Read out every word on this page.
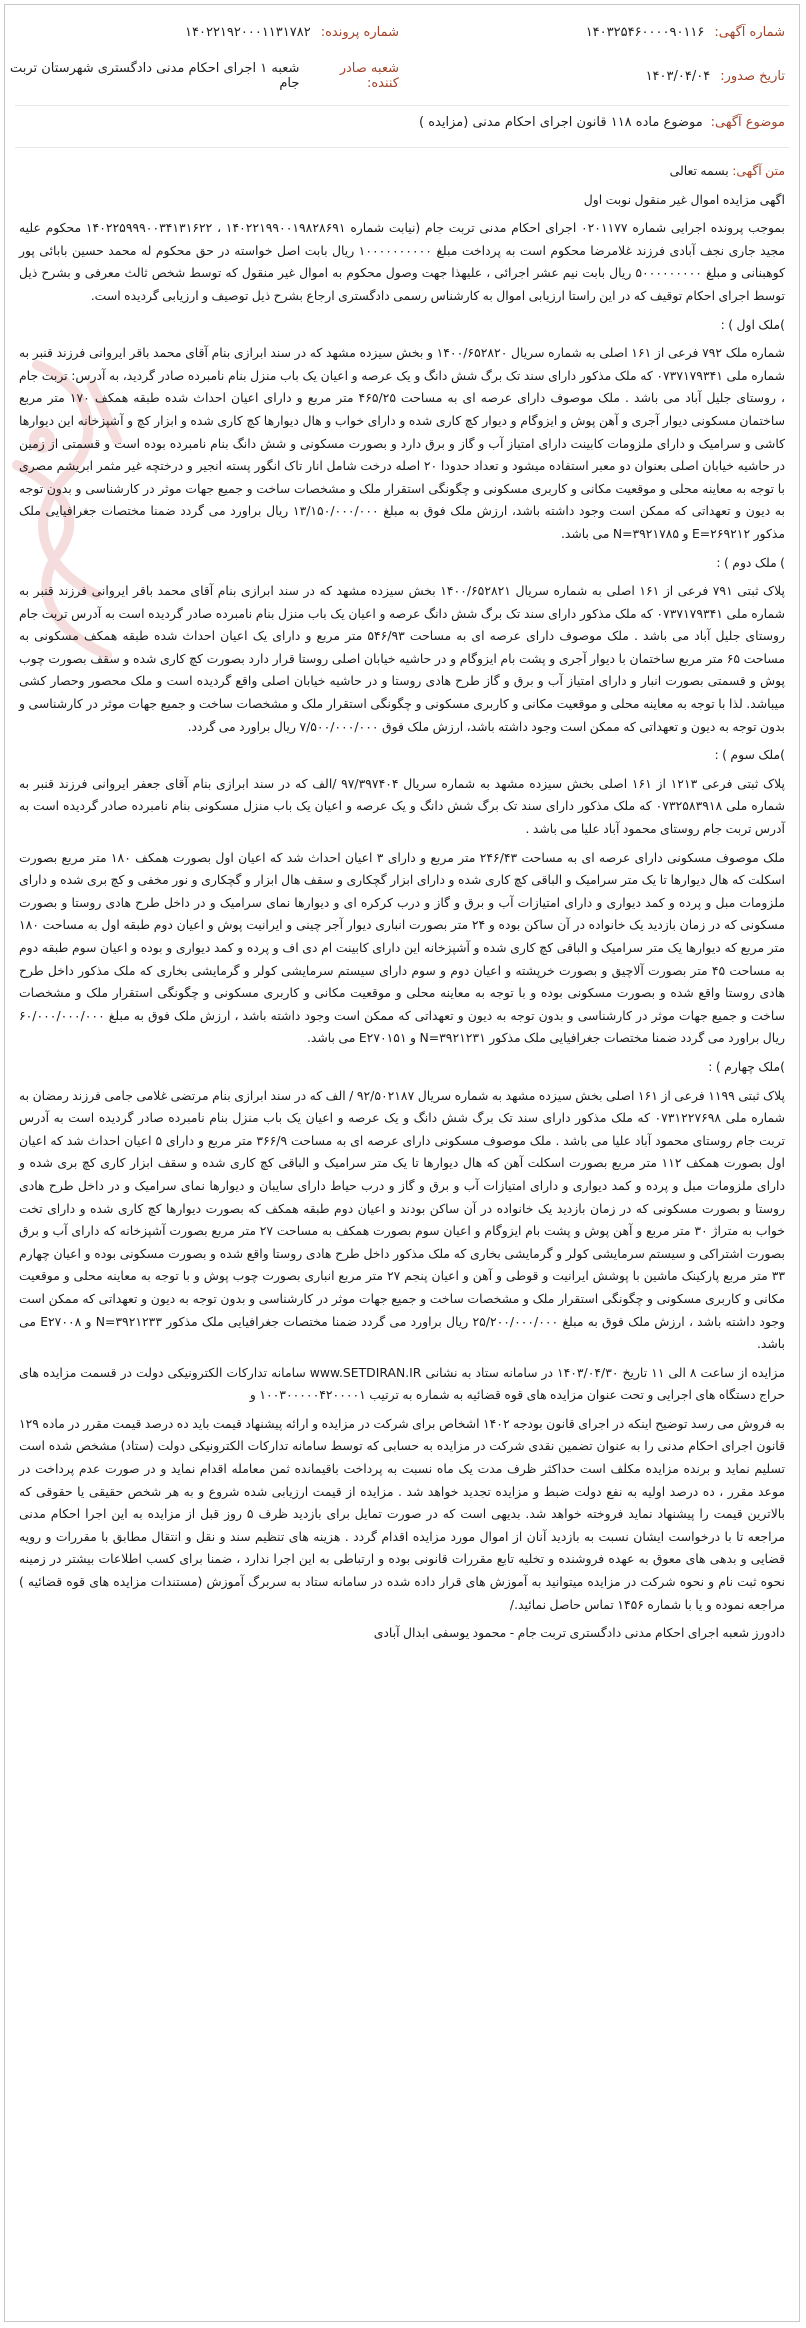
شماره آگهی:
۱۴۰۳۲۵۴۶۰۰۰۰۹۰۱۱۶
شماره پرونده:
۱۴۰۲۲۱۹۲۰۰۰۱۱۳۱۷۸۲
تاریخ صدور:
۱۴۰۳/۰۴/۰۴
شعبه صادر کنندە:
شعبه ۱ اجرای احکام مدنی دادگستری شهرستان تربت جام
موضوع آگهی:
موضوع ماده ۱۱۸ قانون اجرای احکام مدنی (مزایده )
متن آگهی: بسمه تعالی

اگهی مزایده اموال غیر منقول نوبت اول

بموجب پرونده اجرایی شماره ۰۲۰۱۱۷۷ اجرای احکام مدنی تربت جام (نیابت شماره ۱۴۰۲۲۱۹۹۰۰۱۹۸۲۸۶۹۱ ، ۱۴۰۲۲۵۹۹۹۰۰۳۴۱۳۱۶۲۲ محکوم علیه مجید جاری نجف آبادی فرزند غلامرضا محکوم است به پرداخت مبلغ ۱۰۰۰۰۰۰۰۰۰۰ ریال بابت اصل خواسته در حق محکوم له محمد حسین بابائی پور کوهبنانی و مبلغ ۵۰۰۰۰۰۰۰۰۰ ریال بابت نیم عشر اجرائی ، علیهذا جهت وصول محکوم به اموال غیر منقول که توسط شخص ثالث معرفی و بشرح ذیل توسط اجرای احکام توقیف که در این راستا ارزیابی اموال به کارشناس رسمی دادگستری ارجاع بشرح ذیل توصیف و ارزیابی گردیده است.

)ملک اول ) :

شماره ملک ۷۹۲ فرعی از ۱۶۱ اصلی به شماره سریال ۱۴۰۰/۶۵۲۸۲۰ و بخش سیزده مشهد که در سند ابرازی بنام آقای محمد باقر ایروانی فرزند قنبر به شماره ملی ۰۷۳۷۱۷۹۳۴۱ که ملک مذکور دارای سند تک برگ شش دانگ و یک عرصه و اعیان یک باب منزل بنام نامبرده صادر گردید، به آدرس: تربت جام ، روستای جلیل آباد می باشد . ملک موصوف دارای عرصه ای به مساحت ۴۶۵/۲۵ متر مربع و دارای اعیان احداث شده طبقه همکف ۱۷۰ متر مربع ساختمان مسکونی دیوار آجری و آهن پوش و ایزوگام و دیوار کچ کاری شده و دارای خواب و هال دیوارها کچ کاری شده و ابزار کچ و آشپزخانه این دیوارها کاشی و سرامیک و دارای ملزومات کابینت دارای امتیاز آب و گاز و برق دارد و بصورت مسکونی و شش دانگ بنام نامبرده بوده است و قسمتی از زمین در حاشیه خیابان اصلی بعنوان دو معبر استفاده میشود و تعداد حدودا ۲۰ اصله درخت شامل انار تاک انگور پسته انجیر و درختچه غیر مثمر ابریشم مصری با توجه به معاینه محلی و موقعیت مکانی و کاربری مسکونی و چگونگی استقرار ملک و مشخصات ساخت و جمیع جهات موثر در کارشناسی و بدون توجه به دیون و تعهداتی که ممکن است وجود داشته باشد، ارزش ملک فوق به مبلغ ۱۳/۱۵۰/۰۰۰/۰۰۰ ریال براورد می گردد ضمنا مختصات جغرافیایی ملک مذکور E=۲۶۹۲۱۲ و N=۳۹۲۱۷۸۵ می باشد.

) ملک دوم ) :

پلاک ثبتی ۷۹۱ فرعی از ۱۶۱ اصلی به شماره سریال ۱۴۰۰/۶۵۲۸۲۱ بخش سیزده مشهد که در سند ابرازی بنام آقای محمد باقر ایروانی فرزند قنبر به شماره ملی ۰۷۳۷۱۷۹۳۴۱ که ملک مذکور دارای سند تک برگ شش دانگ عرصه و اعیان یک باب منزل بنام نامبرده صادر گردیده است به آدرس تربت جام روستای جلیل آباد می باشد . ملک موصوف دارای عرصه ای به مساحت ۵۴۶/۹۳ متر مربع و دارای یک اعیان احداث شده طبقه همکف مسکونی به مساحت ۶۵ متر مربع ساختمان با دیوار آجری و پشت بام ایزوگام و در حاشیه خیابان اصلی روستا قرار دارد بصورت کچ کاری شده و سقف بصورت چوب پوش و قسمتی بصورت انبار و دارای امتیاز آب و برق و گاز طرح هادی روستا و در حاشیه خیابان اصلی واقع گردیده است و ملک محصور وحصار کشی میباشد. لذا با توجه به معاینه محلی و موقعیت مکانی و کاربری مسکونی و چگونگی استقرار ملک و مشخصات ساخت و جمیع جهات موثر در کارشناسی و بدون توجه به دیون و تعهداتی که ممکن است وجود داشته باشد، ارزش ملک فوق ۷/۵۰۰/۰۰۰/۰۰۰ ریال براورد می گردد.

)ملک سوم ) :

پلاک ثبتی فرعی ۱۲۱۳ از ۱۶۱ اصلی بخش سیزده مشهد به شماره سریال ۹۷/۳۹۷۴۰۴ /الف که در سند ابرازی بنام آقای جعفر ایروانی فرزند قنبر به شماره ملی ۰۷۳۲۵۸۳۹۱۸ که ملک مذکور دارای سند تک برگ شش دانگ و یک عرصه و اعیان یک باب منزل مسکونی بنام نامبرده صادر گردیده است به آدرس تربت جام روستای محمود آباد علیا می باشد .

ملک موصوف مسکونی دارای عرصه ای به مساحت ۲۴۶/۴۳ متر مربع و دارای ۳ اعیان احداث شد که اعیان اول بصورت همکف ۱۸۰ متر مربع بصورت اسکلت که هال دیوارها تا یک متر سرامیک و الباقی کچ کاری شده و دارای ابزار گچکاری و سقف هال ابزار و گچکاری و نور مخفی و کچ بری شده و دارای ملزومات مبل و پرده و کمد دیواری و دارای امتیازات آب و برق و گاز و درب کرکره ای و دیوارها نمای سرامیک و در داخل طرح هادی روستا و بصورت مسکونی که در زمان بازدید یک خانواده در آن ساکن بوده و ۲۴ متر بصورت انباری دیوار آجر چینی و ایرانیت پوش و اعیان دوم طبقه اول به مساحت ۱۸۰ متر مربع که دیوارها یک متر سرامیک و الباقی کچ کاری شده و آشپزخانه این دارای کابینت ام دی اف و پرده و کمد دیواری و بوده و اعیان سوم طبقه دوم به مساحت ۴۵ متر بصورت آلاچیق و بصورت خرپشته و اعیان دوم و سوم دارای سیستم سرمایشی کولر و گرمایشی بخاری که ملک مذکور داخل طرح هادی روستا واقع شده و بصورت مسکونی بوده و با توجه به معاینه محلی و موقعیت مکانی و کاربری مسکونی و چگونگی استقرار ملک و مشخصات ساخت و جمیع جهات موثر در کارشناسی و بدون توجه به دیون و تعهداتی که ممکن است وجود داشته باشد ، ارزش ملک فوق به مبلغ ۶۰/۰۰۰/۰۰۰/۰۰۰ ریال براورد می گردد ضمنا مختصات جغرافیایی ملک مذکور ۳۹۲۱۲۳۱=N و E۲۷۰۱۵۱ می باشد.

)ملک چهارم ) :

پلاک ثبتی ۱۱۹۹ فرعی از ۱۶۱ اصلی بخش سیزده مشهد به شماره سریال ۹۲/۵۰۲۱۸۷ / الف که در سند ابرازی بنام مرتضی غلامی جامی فرزند رمضان به شماره ملی ۰۷۳۱۲۲۷۶۹۸ که ملک مذکور دارای سند تک برگ شش دانگ و یک عرصه و اعیان یک باب منزل بنام نامبرده صادر گردیده است به آدرس تربت جام روستای محمود آباد علیا می باشد . ملک موصوف مسکونی دارای عرصه ای به مساحت ۳۶۶/۹ متر مربع و دارای ۵ اعیان احداث شد که اعیان اول بصورت همکف ۱۱۲ متر مربع بصورت اسکلت آهن که هال دیوارها تا یک متر سرامیک و الباقی کچ کاری شده و سقف ابزار کاری کچ بری شده و دارای ملزومات مبل و پرده و کمد دیواری و دارای امتیازات آب و برق و گاز و درب حیاط دارای سایبان و دیوارها نمای سرامیک و در داخل طرح هادی روستا و بصورت مسکونی که در زمان بازدید یک خانواده در آن ساکن بودند و اعیان دوم طبقه همکف که بصورت دیوارها کچ کاری شده و دارای تخت خواب به متراژ ۳۰ متر مربع و آهن پوش و پشت بام ایزوگام و اعیان سوم بصورت همکف به مساحت ۲۷ متر مربع بصورت آشپزخانه که دارای آب و برق بصورت اشتراکی و سیستم سرمایشی کولر و گرمایشی بخاری که ملک مذکور داخل طرح هادی روستا واقع شده و بصورت مسکونی بوده و اعیان چهارم ۳۳ متر مربع پارکینک ماشین با پوشش ایرانیت و قوطی و آهن و اعیان پنجم ۲۷ متر مربع انباری بصورت چوب پوش و با توجه به معاینه محلی و موقعیت مکانی و کاربری مسکونی و چگونگی استقرار ملک و مشخصات ساخت و جمیع جهات موثر در کارشناسی و بدون توجه به دیون و تعهداتی که ممکن است وجود داشته باشد ، ارزش ملک فوق به مبلغ ۲۵/۲۰۰/۰۰۰/۰۰۰ ریال براورد می گردد ضمنا مختصات جغرافیایی ملک مذکور ۳۹۲۱۲۳۳=N و E۲۷۰۰۸ می باشد.

مزایده از ساعت ۸ الی ۱۱ تاریخ ۱۴۰۳/۰۴/۳۰ در سامانه ستاد به نشانی www.SETDIRAN.IR سامانه تدارکات الکترونیکی دولت در قسمت مزایده های حراج دستگاه های اجرایی و تحت عنوان مزایده های قوه قضائیه به شماره به ترتیب ۱۰۰۳۰۰۰۰۰۴۲۰۰۰۰۱ و

به فروش می رسد توضیح اینکه در اجرای قانون بودجه ۱۴۰۲ اشخاص برای شرکت در مزایده و ارائه پیشنهاد قیمت باید ده درصد قیمت مقرر در ماده ۱۲۹ قانون اجرای احکام مدنی را به عنوان تضمین نقدی شرکت در مزایده به حسابی که توسط سامانه تدارکات الکترونیکی دولت (ستاد) مشخص شده است تسلیم نماید و برنده مزایده مکلف است حداکثر ظرف مدت یک ماه نسبت به پرداخت باقیمانده ثمن معامله اقدام نماید و در صورت عدم پرداخت در موعد مقرر ، ده درصد اولیه به نفع دولت ضبط و مزایده تجدید خواهد شد . مزایده از قیمت ارزیابی شده شروع و به هر شخص حقیقی یا حقوقی که بالاترین قیمت را پیشنهاد نماید فروخته خواهد شد. بدیهی است که در صورت تمایل برای بازدید ظرف ۵ روز قبل از مزایده به این اجرا احکام مدنی مراجعه تا با درخواست ایشان نسبت به بازدید آنان از اموال مورد مزایده اقدام گردد . هزینه های تنظیم سند و نقل و انتقال مطابق با مقررات و رویه قضایی و بدهی های معوق به عهده فروشنده و تخلیه تابع مقررات قانونی بوده و ارتباطی به این اجرا ندارد ، ضمنا برای کسب اطلاعات بیشتر در زمینه نحوه ثبت نام و نحوه شرکت در مزایده میتوانید به آموزش های قرار داده شده در سامانه ستاد به سربرگ آموزش (مستندات مزایده های قوه قضائیه ) مراجعه نموده و یا با شماره ۱۴۵۶ تماس حاصل نمائید./

دادورز شعبه اجرای احکام مدنی دادگستری تربت جام - محمود یوسفی ابدال آبادی
